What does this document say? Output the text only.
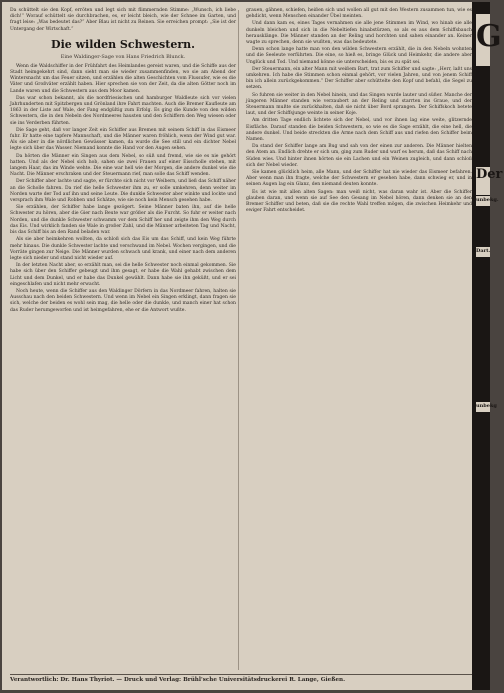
Da schüttelt sie den Kopf, erröten und legt sich mit flimmernden Stimme: „Wunsch, ich liebe dich!“ Worauf schüttelt sie durchbrachen, es, er leicht bleich, wie der Schnee im Garten, und fragt leise: „Was bedeutet das?“ Aber Blau ist nicht zu Reinen. Sie erreichen prompt: „Sie ist der Untergang der Wirtschaft.“

Die wilden Schwestern.
Eine Waldinger-Sage von Hans Friedrich Blunck.

Wenn die Waldschiffer in der Frühfahrt des Heimlandes gereist waren, und die Schiffe aus der Stadt heimgekehrt sind, dann sieht man sie wieder zusammenfinden, wo sie am Abend der Wintersnacht um das Feuer sitzen, und erzählen die alten Geschichten vom Flussufer, wie es die Väter und Großväter erzählt haben. Hier sprechen sie von der Zeit, da die alten Götter noch im Lande waren und die Schwestern aus dem Moor kamen.

Das war schon bekannt, als die nordfriesischen und hamburger Waldleute sich vor vielen Jahrhunderten mit Spitzbergen und Grönland ihre Fahrt machten. Auch die Bremer Kaufleute am 1863 in der Liste auf Wale, der Fang endgültig zum Erfolg. Es ging die Kunde von den wilden Schwestern, die in den Nebeln des Nordmeeres hausten und den Schiffern den Weg wiesen oder sie ins Verderben führten.

Die Sage geht, daß vor langer Zeit ein Schiffer aus Bremen mit seinem Schiff in das Eismeer fuhr. Er hatte eine tapfere Mannschaft, und die Männer waren fröhlich, wenn der Wind gut war. Als sie aber in die nördlichen Gewässer kamen, da wurde die See still und ein dichter Nebel legte sich über das Wasser. Niemand konnte die Hand vor den Augen sehen.

Da hörten die Männer ein Singen aus dem Nebel, so süß und fremd, wie sie es nie gehört hatten. Und als der Nebel sich hob, sahen sie zwei Frauen auf einer Eisscholle stehen, mit langem Haar, das im Winde wehte. Die eine war hell wie der Morgen, die andere dunkel wie die Nacht. Die Männer erschraken und der Steuermann rief, man solle das Schiff wenden.

Der Schiffer aber lachte und sagte, er fürchte sich nicht vor Weibern, und ließ das Schiff näher an die Scholle fahren. Da rief die helle Schwester ihm zu, er solle umkehren, denn weiter im Norden warte der Tod auf ihn und seine Leute. Die dunkle Schwester aber winkte und lockte und versprach ihm Wale und Robben und Schätze, wie sie noch kein Mensch gesehen habe.

Sie erzählen, der Schiffer habe lange gezögert. Seine Männer baten ihn, auf die helle Schwester zu hören, aber die Gier nach Beute war größer als die Furcht. So fuhr er weiter nach Norden, und die dunkle Schwester schwamm vor dem Schiff her und zeigte ihm den Weg durch das Eis. Und wirklich fanden sie Wale in großer Zahl, und die Männer arbeiteten Tag und Nacht, bis das Schiff bis an den Rand beladen war.

Als sie aber heimkehren wollten, da schloß sich das Eis um das Schiff, und kein Weg führte mehr hinaus. Die dunkle Schwester lachte und verschwand im Nebel. Wochen vergingen, und die Vorräte gingen zur Neige. Die Männer wurden schwach und krank, und einer nach dem anderen legte sich nieder und stand nicht wieder auf.

In der letzten Nacht aber, so erzählt man, sei die helle Schwester noch einmal gekommen. Sie habe sich über den Schiffer gebeugt und ihm gesagt, er habe die Wahl gehabt zwischen dem Licht und dem Dunkel, und er habe das Dunkel gewählt. Dann habe sie ihn geküßt, und er sei eingeschlafen und nicht mehr erwacht.

Noch heute, wenn die Schiffer aus den Waldinger Dörfern in das Nordmeer fahren, halten sie Ausschau nach den beiden Schwestern. Und wenn im Nebel ein Singen erklingt, dann fragen sie sich, welche der beiden es wohl sein mag, die helle oder die dunkle, und manch einer hat schon das Ruder herumgeworfen und ist heimgefahren, ehe er die Antwort wußte.

grauen, gähnen, schiefen, heißen sich und wollen all gut mit den Western zusammen tun, wie es gehdicht, wenn Menschen einander Übel meinten.

Und dann kam es, eines Tages vernahmen sie alle jene Stimmen im Wind, wo hinab sie alle dunkeln bleichen und sich in die Nebeltiefen hinabstürzen, so als es aus dem Schiffsbauch herausklänge. Die Männer standen an der Reling und horchten und sahen einander an. Keiner wagte zu sprechen, denn sie wußten, was das bedeutete.

Denn schon lange hatte man von den wilden Schwestern erzählt, die in den Nebeln wohnten und die Seeleute verführten. Die eine, so hieß es, bringe Glück und Heimkehr, die andere aber Unglück und Tod. Und niemand könne sie unterscheiden, bis es zu spät sei.

Der Steuermann, ein alter Mann mit weißem Bart, trat zum Schiffer und sagte: „Herr, laßt uns umkehren. Ich habe die Stimmen schon einmal gehört, vor vielen Jahren, und von jenem Schiff bin ich allein zurückgekommen.“ Der Schiffer aber schüttelte den Kopf und befahl, die Segel zu setzen.

So fuhren sie weiter in den Nebel hinein, und das Singen wurde lauter und süßer. Manche der jüngeren Männer standen wie verzaubert an der Reling und starrten ins Graue, und der Steuermann mußte sie zurückhalten, daß sie nicht über Bord sprangen. Der Schiffskoch betete laut, und der Schiffsjunge weinte in seiner Koje.

Am dritten Tage endlich lichtete sich der Nebel, und vor ihnen lag eine weite, glitzernde Eisfläche. Darauf standen die beiden Schwestern, so wie es die Sage erzählt, die eine hell, die andere dunkel. Und beide streckten die Arme nach dem Schiff aus und riefen den Schiffer beim Namen.

Da stand der Schiffer lange am Bug und sah von der einen zur anderen. Die Männer hielten den Atem an. Endlich drehte er sich um, ging zum Ruder und warf es herum, daß das Schiff nach Süden wies. Und hinter ihnen hörten sie ein Lachen und ein Weinen zugleich, und dann schloß sich der Nebel wieder.

Sie kamen glücklich heim, alle Mann, und der Schiffer hat nie wieder das Eismeer befahren. Aber wenn man ihn fragte, welche der Schwestern er gesehen habe, dann schwieg er, und in seinen Augen lag ein Glanz, den niemand deuten konnte.

Es ist wie mit allen alten Sagen: man weiß nicht, was daran wahr ist. Aber die Schiffer glauben daran, und wenn sie auf See den Gesang im Nebel hören, dann denken sie an den Bremer Schiffer und beten, daß sie die rechte Wahl treffen mögen, die zwischen Heimkehr und ewiger Fahrt entscheidet.

Verantwortlich: Dr. Hans Thyriot. — Druck und Verlag: Brühl'sche Universitätsdruckerei R. Lange, Gießen.
G
Der
unbekg.
Dart.
unbekg
